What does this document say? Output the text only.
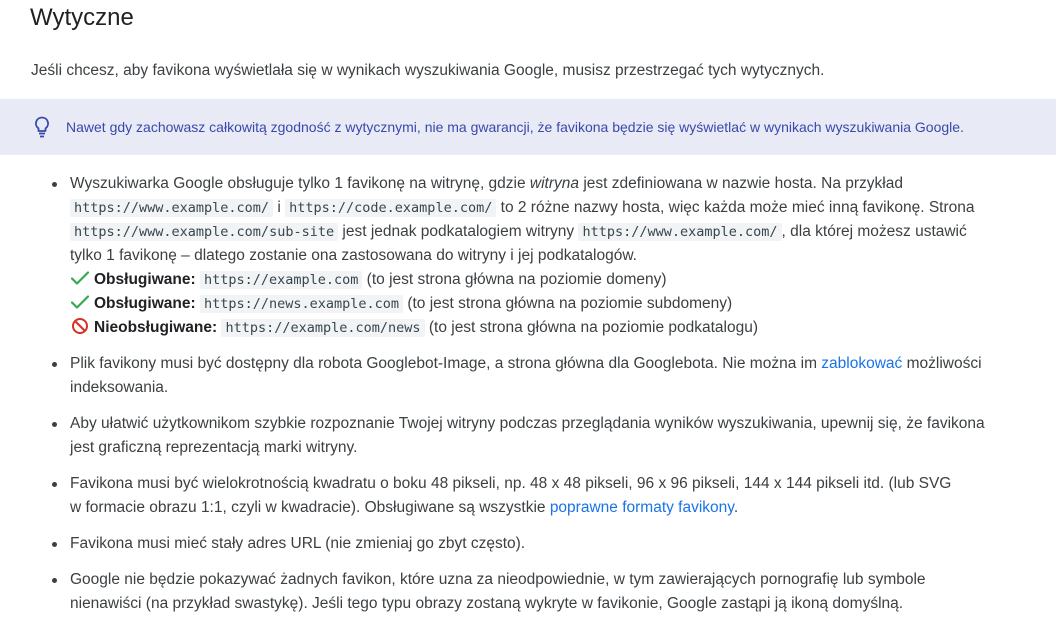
Wytyczne

Jeśli chcesz, aby favikona wyświetlała się w wynikach wyszukiwania Google, musisz przestrzegać tych wytycznych.

Nawet gdy zachowasz całkowitą zgodność z wytycznymi, nie ma gwarancji, że favikona będzie się wyświetlać w wynikach wyszukiwania Google.
Wyszukiwarka Google obsługuje tylko 1 favikonę na witrynę, gdzie witryna jest zdefiniowana w nazwie hosta. Na przykład
https://www.example.com/ i https://code.example.com/ to 2 różne nazwy hosta, więc każda może mieć inną favikonę. Strona
https://www.example.com/sub-site jest jednak podkatalogiem witryny https://www.example.com/ , dla której możesz ustawić
tylko 1 favikonę – dlatego zostanie ona zastosowana do witryny i jej podkatalogów.
Obsługiwane: https://example.com (to jest strona główna na poziomie domeny)
Obsługiwane: https://news.example.com (to jest strona główna na poziomie subdomeny)
Nieobsługiwane: https://example.com/news (to jest strona główna na poziomie podkatalogu)
Plik favikony musi być dostępny dla robota Googlebot-Image, a strona główna dla Googlebota. Nie można im zablokować możliwości
indeksowania.
Aby ułatwić użytkownikom szybkie rozpoznanie Twojej witryny podczas przeglądania wyników wyszukiwania, upewnij się, że favikona
jest graficzną reprezentacją marki witryny.
Favikona musi być wielokrotnością kwadratu o boku 48 pikseli, np. 48 x 48 pikseli, 96 x 96 pikseli, 144 x 144 pikseli itd. (lub SVG
w formacie obrazu 1:1, czyli w kwadracie). Obsługiwane są wszystkie poprawne formaty favikony.
Favikona musi mieć stały adres URL (nie zmieniaj go zbyt często).
Google nie będzie pokazywać żadnych favikon, które uzna za nieodpowiednie, w tym zawierających pornografię lub symbole
nienawiści (na przykład swastykę). Jeśli tego typu obrazy zostaną wykryte w favikonie, Google zastąpi ją ikoną domyślną.
